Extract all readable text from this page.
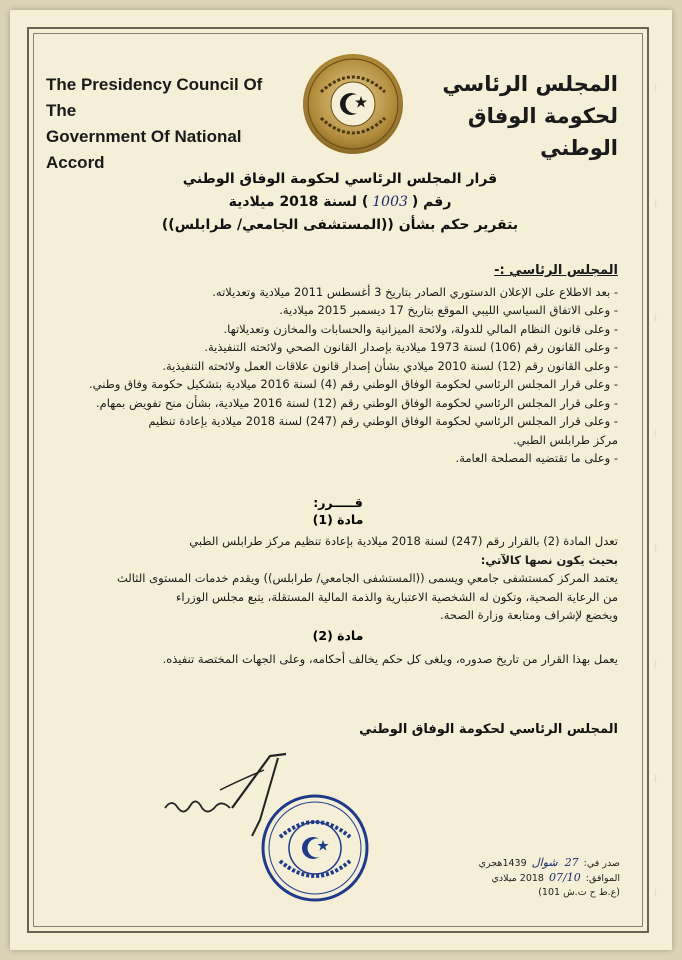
~
~
~
~
~
~
~
~
The Presidency Council Of The
Government Of National Accord
المجلس الرئاسي
لحكومة الوفاق الوطني
قرار المجلس الرئاسي لحكومة الوفاق الوطني
رقم (1003) لسنة 2018 ميلادية
بتقرير حكم بشأن ((المستشفى الجامعي/ طرابلس))
المجلس الرئاسي :-
- بعد الاطلاع على الإعلان الدستوري الصادر بتاريخ 3 أغسطس 2011 ميلادية وتعديلاته.
- وعلى الاتفاق السياسي الليبي الموقع بتاريخ 17 ديسمبر 2015 ميلادية.
- وعلى قانون النظام المالي للدولة، ولائحة الميزانية والحسابات والمخازن وتعديلاتها.
- وعلى القانون رقم (106) لسنة 1973 ميلادية بإصدار القانون الصحي ولائحته التنفيذية.
- وعلى القانون رقم (12) لسنة 2010 ميلادي بشأن إصدار قانون علاقات العمل ولائحته التنفيذية.
- وعلى قرار المجلس الرئاسي لحكومة الوفاق الوطني رقم (4) لسنة 2016 ميلادية بتشكيل حكومة وفاق وطني.
- وعلى قرار المجلس الرئاسي لحكومة الوفاق الوطني رقم (12) لسنة 2016 ميلادية، بشأن منح تفويض بمهام.
- وعلى قرار المجلس الرئاسي لحكومة الوفاق الوطني رقم (247) لسنة 2018 ميلادية بإعادة تنظيم
مركز طرابلس الطبي.
- وعلى ما تقتضيه المصلحة العامة.
قـــــرر:
مادة (1)
تعدل المادة (2) بالقرار رقم (247) لسنة 2018 ميلادية بإعادة تنظيم مركز طرابلس الطبي
بحيث يكون نصها كالآتي:
يعتمد المركز كمستشفى جامعي ويسمى ((المستشفى الجامعي/ طرابلس)) ويقدم خدمات المستوى الثالث
من الرعاية الصحية، وتكون له الشخصية الاعتبارية والذمة المالية المستقلة، يتبع مجلس الوزراء
ويخضع لإشراف ومتابعة وزارة الصحة.
مادة (2)
يعمل بهذا القرار من تاريخ صدوره، ويلغى كل حكم يخالف أحكامه، وعلى الجهات المختصة تنفيذه.
المجلس الرئاسي لحكومة الوفاق الوطني
صدر في: 27 شوال 1439هجري
الموافق: 07/10 2018 ميلادي
(ع.ط ح ت.ش 101)
